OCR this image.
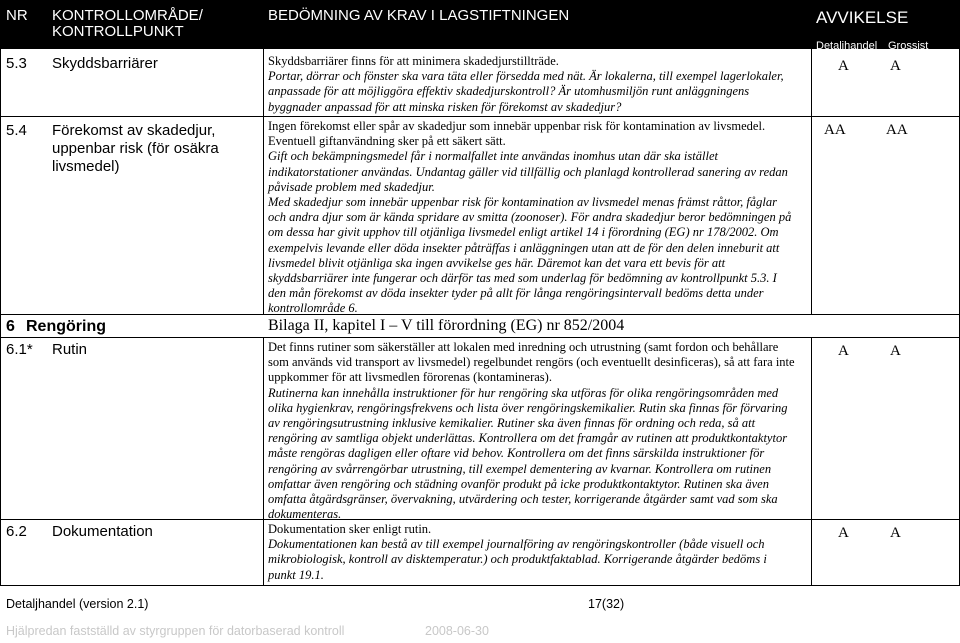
NR KONTROLLOMRÅDE/
KONTROLLPUNKT
BEDÖMNING AV KRAV I LAGSTIFTNINGEN	AVVIKELSE
Detaljhandel Grossist
5.3 Skyddsbarriärer	Skyddsbarriärer finns för att minimera skadedjurstillträde.

Portar, dörrar och fönster ska vara täta eller försedda med nät. Är lokalerna, till exempel lagerlokaler, anpassade för att möjliggöra effektiv skadedjurskontroll? Är utomhusmiljön runt anläggningens byggnader anpassad för att minska risken för förekomst av skadedjur?

A	A
5.4 Förekomst av skadedjur,
uppenbar risk (för osäkra
livsmedel)

Ingen förekomst eller spår av skadedjur som innebär uppenbar risk för kontamination av livsmedel.

Eventuell giftanvändning sker på ett säkert sätt.

Gift och bekämpningsmedel får i normalfallet inte användas inomhus utan där ska istället indikatorstationer användas. Undantag gäller vid tillfällig och planlagd kontrollerad sanering av redan påvisade problem med skadedjur.

Med skadedjur som innebär uppenbar risk för kontamination av livsmedel menas främst råttor, fåglar och andra djur som är kända spridare av smitta (zoonoser). För andra skadedjur beror bedömningen på om dessa har givit upphov till otjänliga livsmedel enligt artikel 14 i förordning (EG) nr 178/2002. Om exempelvis levande eller döda insekter påträffas i anläggningen utan att de för den delen inneburit att livsmedel blivit otjänliga ska ingen avvikelse ges här. Däremot kan det vara ett bevis för att skyddsbarriärer inte fungerar och därför tas med som underlag för bedömning av kontrollpunkt 5.3. I den mån förekomst av döda insekter tyder på allt för långa rengöringsintervall bedöms detta under kontrollområde 6.

AA	AA
6 Rengöring	Bilaga II, kapitel I – V till förordning (EG) nr 852/2004
6.1* Rutin	Det finns rutiner som säkerställer att lokalen med inredning och utrustning (samt fordon och behållare som används vid transport av livsmedel) regelbundet rengörs (och eventuellt desinficeras), så att fara inte uppkommer för att livsmedlen förorenas (kontamineras).

Rutinerna kan innehålla instruktioner för hur rengöring ska utföras för olika rengöringsområden med olika hygienkrav, rengöringsfrekvens och lista över rengöringskemikalier. Rutin ska finnas för förvaring av rengöringsutrustning inklusive kemikalier. Rutiner ska även finnas för ordning och reda, så att rengöring av samtliga objekt underlättas. Kontrollera om det framgår av rutinen att produktkontaktytor måste rengöras dagligen eller oftare vid behov. Kontrollera om det finns särskilda instruktioner för rengöring av svårrengörbar utrustning, till exempel dementering av kvarnar. Kontrollera om rutinen omfattar även rengöring och städning ovanför produkt på icke produktkontaktytor. Rutinen ska även omfatta åtgärdsgränser, övervakning, utvärdering och tester, korrigerande åtgärder samt vad som ska dokumenteras.

A	A
6.2 Dokumentation	Dokumentation sker enligt rutin.

Dokumentationen kan bestå av till exempel journalföring av rengöringskontroller (både visuell och mikrobiologisk, kontroll av disktemperatur.) och produktfaktablad. Korrigerande åtgärder bedöms i punkt 19.1.

A	A
Detaljhandel (version 2.1)	17(32)
Hjälpredan fastställd av styrgruppen för datorbaserad kontroll	2008-06-30
